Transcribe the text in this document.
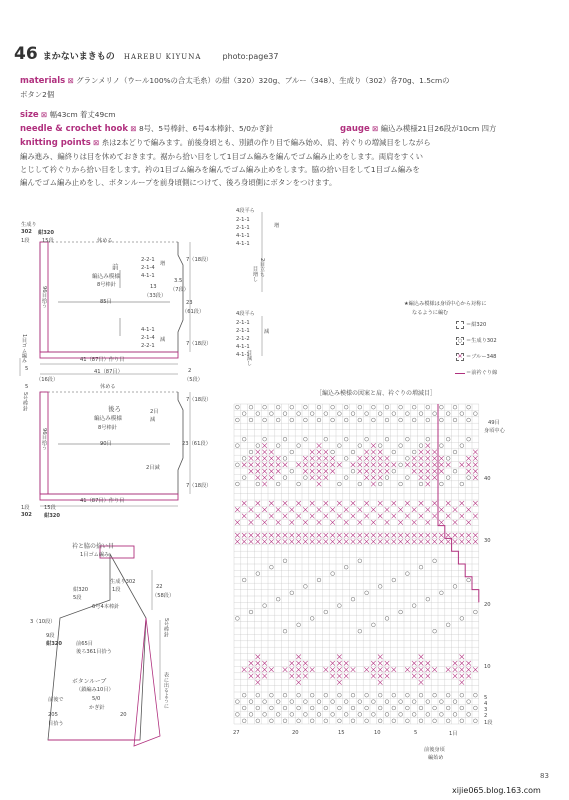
46 まかないまきもの HAREBU KIYUNA	photo:page37
materials ⊠ グランメリノ（ウール100%の合太毛糸）の紺（320）320g、ブルー（348）、生成り（302）各70g、1.5cmの
ボタン2個
size ⊠ 幅43cm 着丈49cm
needle & crochet hook ⊠ 8号、5号棒針、6号4本棒針、5/0かぎ針	gauge ⊠ 編込み模様21目26段が10cm 四方
knitting points ⊠ 糸は2本どりで編みます。前後身頃とも、別鎖の作り目で編み始め、肩、衿ぐりの増減目をしながら
編み進み、編終りは目を休めておきます。裾から拾い目をして1目ゴム編みを編んでゴム編み止めをします。両肩をすくい
とじして衿ぐりから拾い目をします。衿の1目ゴム編みを編んでゴム編み止めをします。脇の拾い目をして1目ゴム編みを
編んでゴム編み止めをし、ボタンループを前身頃側につけて、後ろ身頃側にボタンをつけます。
生成り
302
1段
紺320
15段	休める
前
編込み模様
8号棒針
85目
96目拾う
2-2-1
2-1-4
4-1-1
増
7（18段）
3.5
（7段）
13
（33段）
23
（61段）
4-1-1
2-1-4
2-2-1
減
7（18段）
41（87目）作り目
1目ゴム編み
5
（16段）
41（87目）
休める
2
（5段）
5
5号棒針	後ろ
編込み模様
8号棒針
90目
96目拾う
2目
減
2目減
7（18段）
23（61段）
7（18段）
41（87目）作り目
1段
302
15段
紺320
4段平ら
2-1-1
2-1-1
4-1-1
4-1-1
増
2目立ち
目増し
4段平ら
2-1-1
2-1-1
2-1-2
4-1-1
4-1-1
減
目減し
★編込み模様は身頃中心から対称に
なるように編む
＝紺320
○ ＝生成り302
✕ ＝ブルー348
＝前衿ぐり線
［編込み模様の図案と肩、衿ぐりの増減目］
49目
身頃中心
40
30
20
10
5
4
3
2
1段
27	20	15	10	5	1目
前後身頃
編始め
衿と脇の拾い目
1目ゴム編み
生成り302
1段
紺320
5段
22
（58段）
6号4本棒針
3（10段）
9段
紺320	前65目
後ろ361目拾う
ボタンループ
（鎖編み10目）
5/0
かぎ針
前後で
205
目拾う
20
5号棒針
表に出るように
83
xijie065.blog.163.com
